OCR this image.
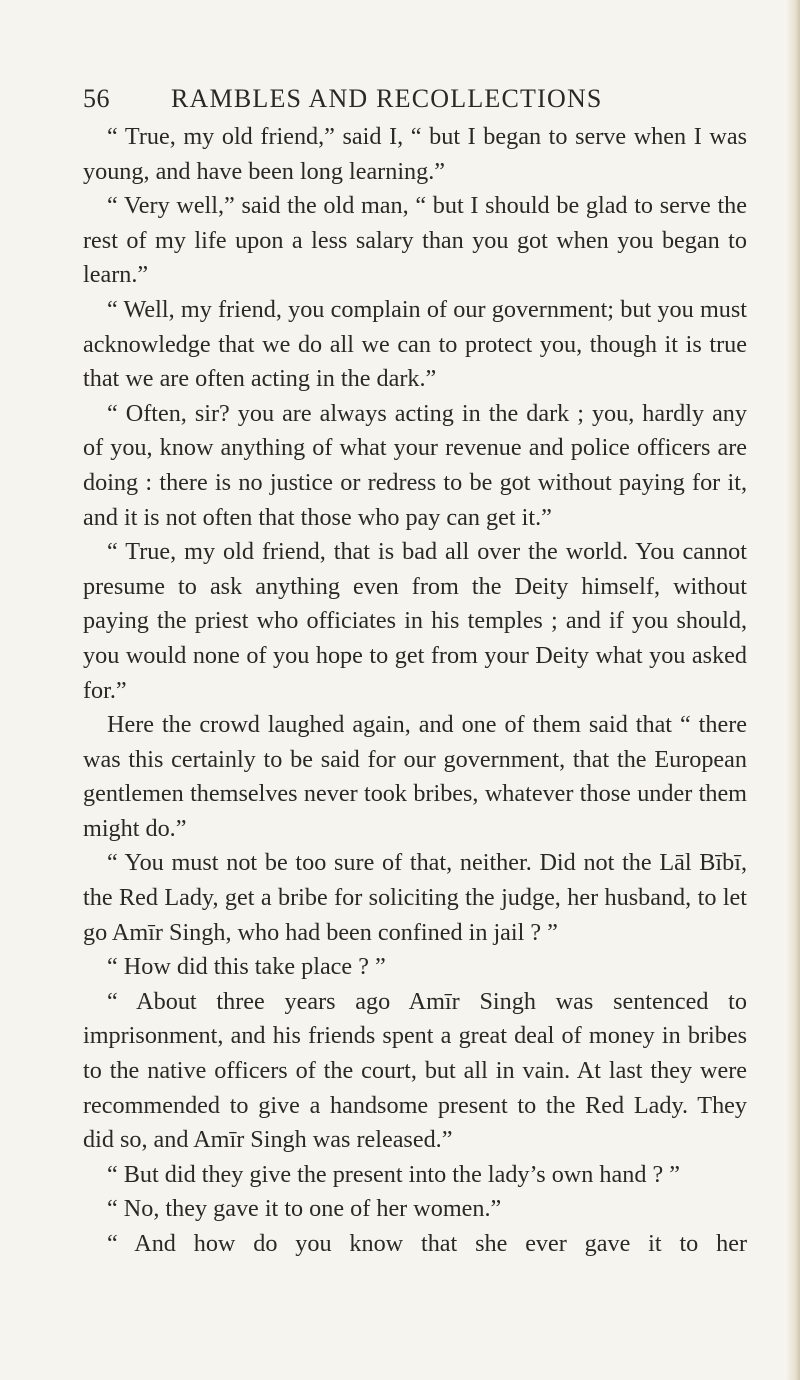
56 RAMBLES AND RECOLLECTIONS

“ True, my old friend,” said I, “ but I began to serve when I was young, and have been long learning.”

“ Very well,” said the old man, “ but I should be glad to serve the rest of my life upon a less salary than you got when you began to learn.”

“ Well, my friend, you complain of our government; but you must acknowledge that we do all we can to protect you, though it is true that we are often acting in the dark.”

“ Often, sir? you are always acting in the dark ; you, hardly any of you, know anything of what your revenue and police officers are doing : there is no justice or redress to be got without paying for it, and it is not often that those who pay can get it.”

“ True, my old friend, that is bad all over the world. You cannot presume to ask anything even from the Deity himself, without paying the priest who officiates in his temples ; and if you should, you would none of you hope to get from your Deity what you asked for.”

Here the crowd laughed again, and one of them said that “ there was this certainly to be said for our government, that the European gentlemen themselves never took bribes, whatever those under them might do.”

“ You must not be too sure of that, neither. Did not the Lāl Bībī, the Red Lady, get a bribe for soliciting the judge, her husband, to let go Amīr Singh, who had been confined in jail ? ”

“ How did this take place ? ”

“ About three years ago Amīr Singh was sentenced to imprisonment, and his friends spent a great deal of money in bribes to the native officers of the court, but all in vain. At last they were recommended to give a handsome present to the Red Lady. They did so, and Amīr Singh was released.”

“ But did they give the present into the lady’s own hand ? ”

“ No, they gave it to one of her women.”

“ And how do you know that she ever gave it to her
